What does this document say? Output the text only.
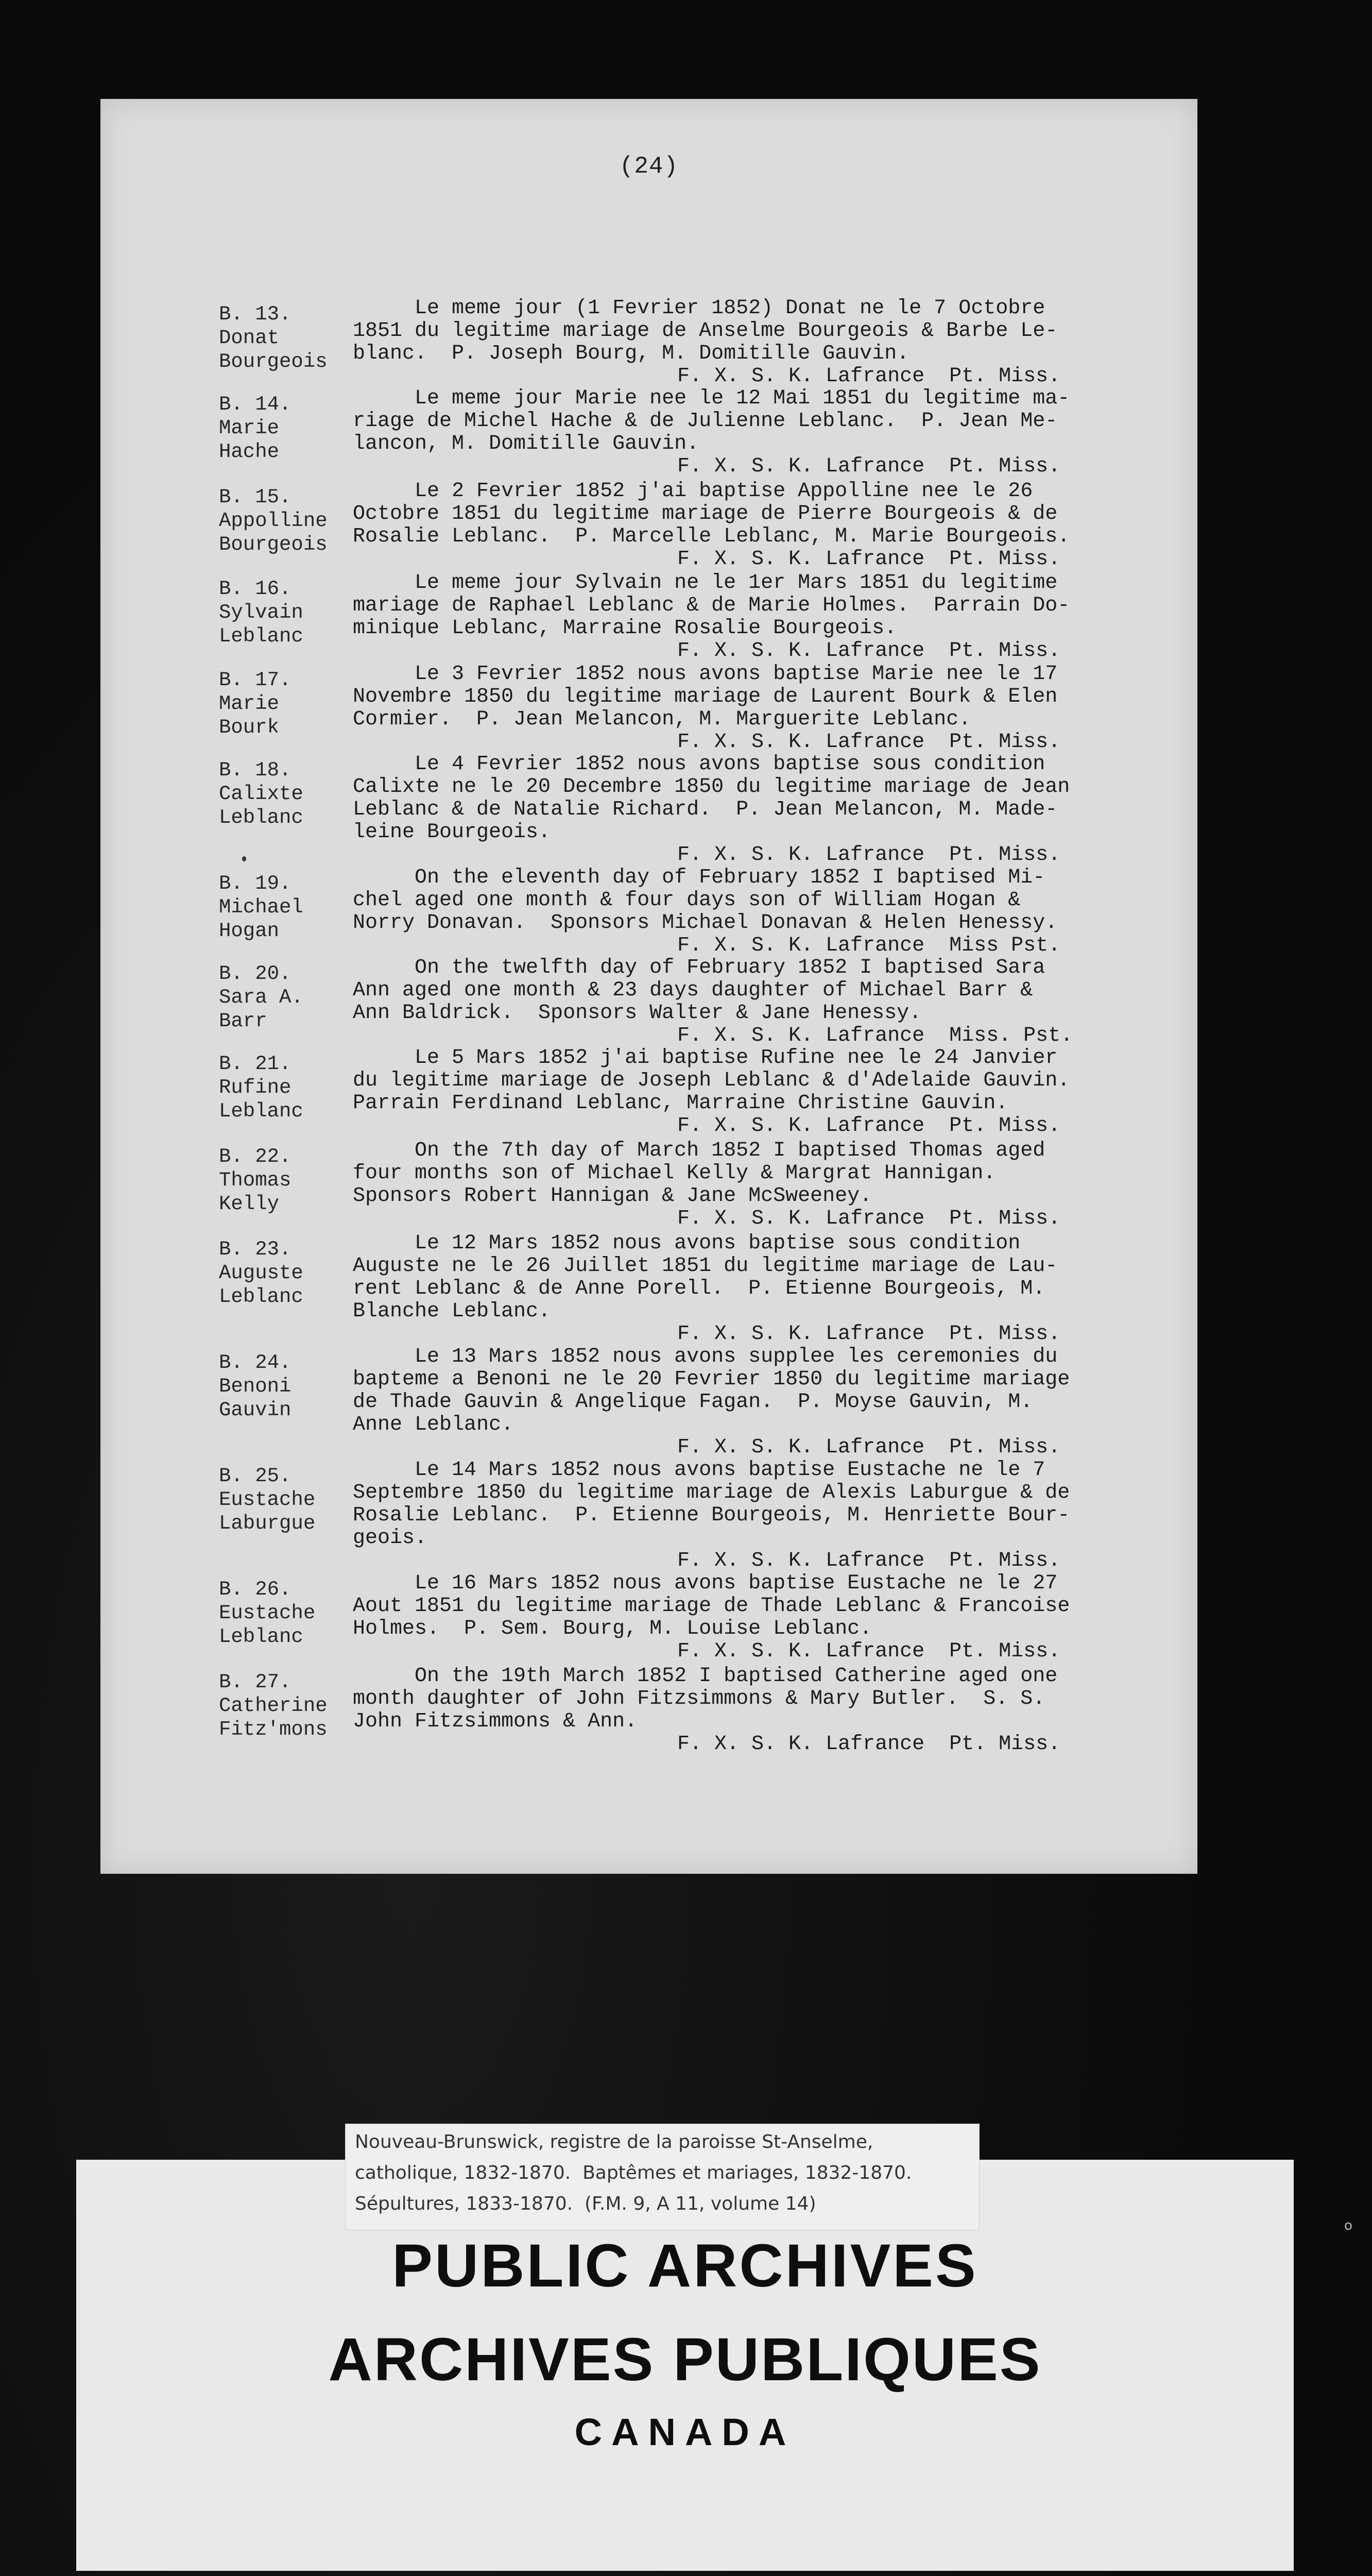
(24)
B. 13.
Donat
Bourgeois
Le meme jour (1 Fevrier 1852) Donat ne le 7 Octobre
1851 du legitime mariage de Anselme Bourgeois & Barbe Le-
blanc.  P. Joseph Bourg, M. Domitille Gauvin.
F. X. S. K. Lafrance  Pt. Miss.
B. 14.
Marie
Hache
Le meme jour Marie nee le 12 Mai 1851 du legitime ma-
riage de Michel Hache & de Julienne Leblanc.  P. Jean Me-
lancon, M. Domitille Gauvin.
F. X. S. K. Lafrance  Pt. Miss.
B. 15.
Appolline
Bourgeois
Le 2 Fevrier 1852 j'ai baptise Appolline nee le 26
Octobre 1851 du legitime mariage de Pierre Bourgeois & de
Rosalie Leblanc.  P. Marcelle Leblanc, M. Marie Bourgeois.
F. X. S. K. Lafrance  Pt. Miss.
B. 16.
Sylvain
Leblanc
Le meme jour Sylvain ne le 1er Mars 1851 du legitime
mariage de Raphael Leblanc & de Marie Holmes.  Parrain Do-
minique Leblanc, Marraine Rosalie Bourgeois.
F. X. S. K. Lafrance  Pt. Miss.
B. 17.
Marie
Bourk
Le 3 Fevrier 1852 nous avons baptise Marie nee le 17
Novembre 1850 du legitime mariage de Laurent Bourk & Elen
Cormier.  P. Jean Melancon, M. Marguerite Leblanc.
F. X. S. K. Lafrance  Pt. Miss.
B. 18.
Calixte
Leblanc
Le 4 Fevrier 1852 nous avons baptise sous condition
Calixte ne le 20 Decembre 1850 du legitime mariage de Jean
Leblanc & de Natalie Richard.  P. Jean Melancon, M. Made-
leine Bourgeois.
F. X. S. K. Lafrance  Pt. Miss.
B. 19.
Michael
Hogan
On the eleventh day of February 1852 I baptised Mi-
chel aged one month & four days son of William Hogan &
Norry Donavan.  Sponsors Michael Donavan & Helen Henessy.
F. X. S. K. Lafrance  Miss Pst.
B. 20.
Sara A.
Barr
On the twelfth day of February 1852 I baptised Sara
Ann aged one month & 23 days daughter of Michael Barr &
Ann Baldrick.  Sponsors Walter & Jane Henessy.
F. X. S. K. Lafrance  Miss. Pst.
B. 21.
Rufine
Leblanc
Le 5 Mars 1852 j'ai baptise Rufine nee le 24 Janvier
du legitime mariage de Joseph Leblanc & d'Adelaide Gauvin.
Parrain Ferdinand Leblanc, Marraine Christine Gauvin.
F. X. S. K. Lafrance  Pt. Miss.
B. 22.
Thomas
Kelly
On the 7th day of March 1852 I baptised Thomas aged
four months son of Michael Kelly & Margrat Hannigan.
Sponsors Robert Hannigan & Jane McSweeney.
F. X. S. K. Lafrance  Pt. Miss.
B. 23.
Auguste
Leblanc
Le 12 Mars 1852 nous avons baptise sous condition
Auguste ne le 26 Juillet 1851 du legitime mariage de Lau-
rent Leblanc & de Anne Porell.  P. Etienne Bourgeois, M.
Blanche Leblanc.
F. X. S. K. Lafrance  Pt. Miss.
B. 24.
Benoni
Gauvin
Le 13 Mars 1852 nous avons supplee les ceremonies du
bapteme a Benoni ne le 20 Fevrier 1850 du legitime mariage
de Thade Gauvin & Angelique Fagan.  P. Moyse Gauvin, M.
Anne Leblanc.
F. X. S. K. Lafrance  Pt. Miss.
B. 25.
Eustache
Laburgue
Le 14 Mars 1852 nous avons baptise Eustache ne le 7
Septembre 1850 du legitime mariage de Alexis Laburgue & de
Rosalie Leblanc.  P. Etienne Bourgeois, M. Henriette Bour-
geois.
F. X. S. K. Lafrance  Pt. Miss.
B. 26.
Eustache
Leblanc
Le 16 Mars 1852 nous avons baptise Eustache ne le 27
Aout 1851 du legitime mariage de Thade Leblanc & Francoise
Holmes.  P. Sem. Bourg, M. Louise Leblanc.
F. X. S. K. Lafrance  Pt. Miss.
B. 27.
Catherine
Fitz'mons
On the 19th March 1852 I baptised Catherine aged one
month daughter of John Fitzsimmons & Mary Butler.  S. S.
John Fitzsimmons & Ann.
F. X. S. K. Lafrance  Pt. Miss.
Nouveau-Brunswick, registre de la paroisse St-Anselme,
catholique, 1832-1870.  Baptêmes et mariages, 1832-1870.
Sépultures, 1833-1870.  (F.M. 9, A 11, volume 14)
PUBLIC ARCHIVES
ARCHIVES PUBLIQUES
CANADA
o
